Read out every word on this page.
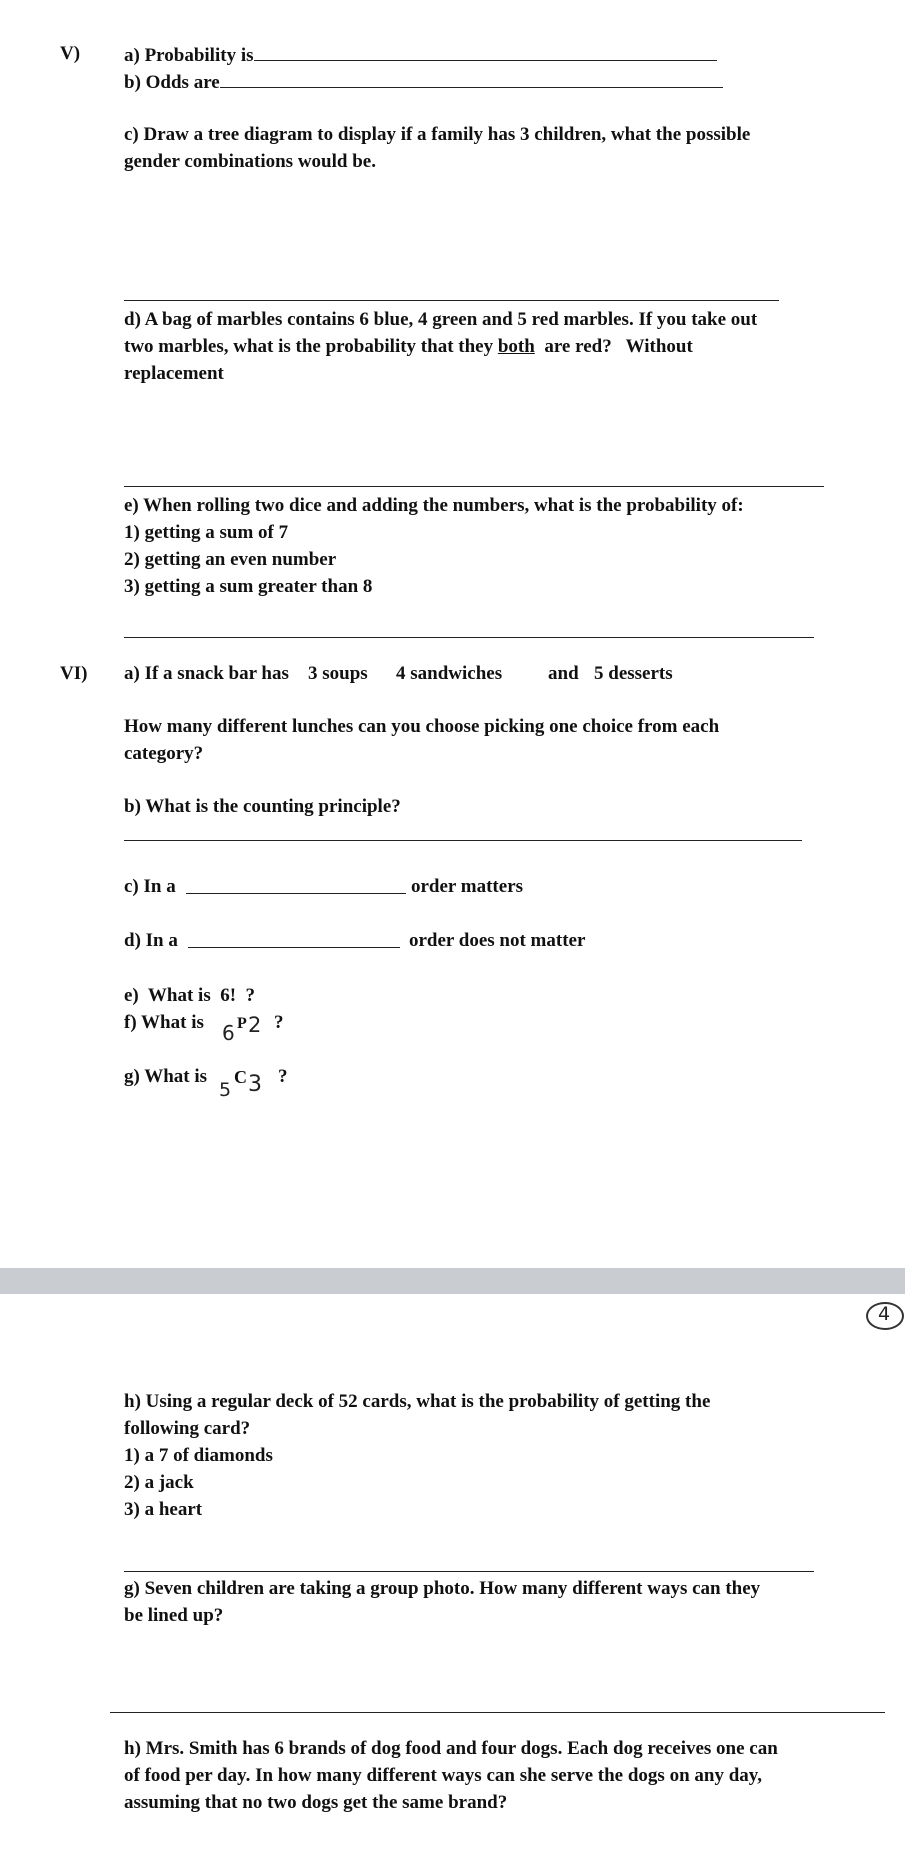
V) a) Probability is
b) Odds are
c) Draw a tree diagram to display if a family has 3 children, what the possible
gender combinations would be.
d) A bag of marbles contains 6 blue, 4 green and 5 red marbles. If you take out
two marbles, what is the probability that they both  are red?   Without
replacement
e) When rolling two dice and adding the numbers, what is the probability of:
1) getting a sum of 7
2) getting an even number
3) getting a sum greater than 8
VI) a) If a snack bar has 3 soups 4 sandwiches and 5 desserts
How many different lunches can you choose picking one choice from each
category?
b) What is the counting principle?
c) In a	order matters
d) In a	order does not matter
e)  What is  6!  ?
f) What is 6 P 2 ?
g) What is
5
C 3 ?
4
h) Using a regular deck of 52 cards, what is the probability of getting the
following card?
1) a 7 of diamonds
2) a jack
3) a heart
g) Seven children are taking a group photo. How many different ways can they
be lined up?
h) Mrs. Smith has 6 brands of dog food and four dogs. Each dog receives one can
of food per day. In how many different ways can she serve the dogs on any day,
assuming that no two dogs get the same brand?
